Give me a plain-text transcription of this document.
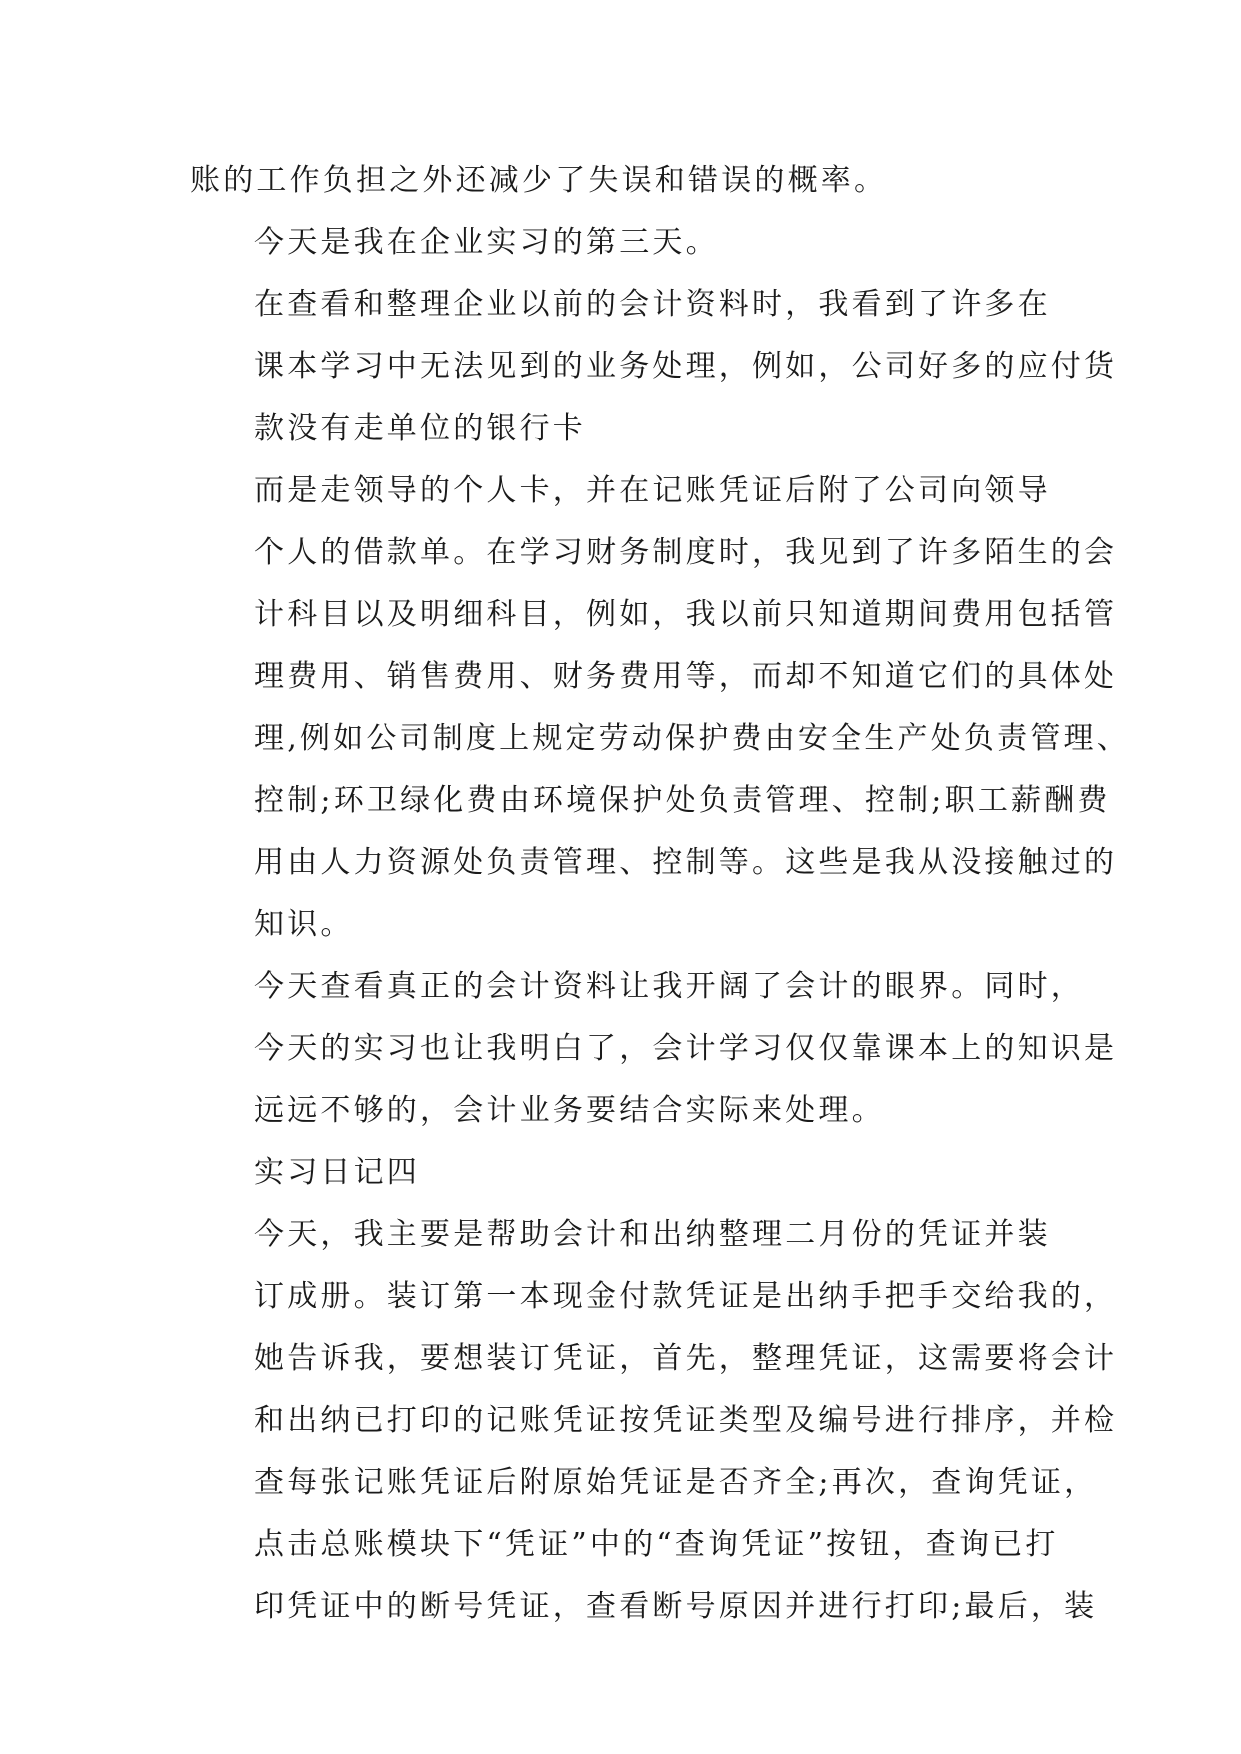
账的工作负担之外还减少了失误和错误的概率。

今天是我在企业实习的第三天。

在查看和整理企业以前的会计资料时，我看到了许多在
课本学习中无法见到的业务处理，例如，公司好多的应付货
款没有走单位的银行卡

而是走领导的个人卡，并在记账凭证后附了公司向领导
个人的借款单。在学习财务制度时，我见到了许多陌生的会
计科目以及明细科目，例如，我以前只知道期间费用包括管
理费用、销售费用、财务费用等，而却不知道它们的具体处
理,例如公司制度上规定劳动保护费由安全生产处负责管理、
控制;环卫绿化费由环境保护处负责管理、控制;职工薪酬费
用由人力资源处负责管理、控制等。这些是我从没接触过的
知识。

今天查看真正的会计资料让我开阔了会计的眼界。同时，
今天的实习也让我明白了，会计学习仅仅靠课本上的知识是
远远不够的，会计业务要结合实际来处理。

实习日记四

今天，我主要是帮助会计和出纳整理二月份的凭证并装
订成册。装订第一本现金付款凭证是出纳手把手交给我的，
她告诉我，要想装订凭证，首先，整理凭证，这需要将会计
和出纳已打印的记账凭证按凭证类型及编号进行排序，并检
查每张记账凭证后附原始凭证是否齐全;再次，查询凭证，
点击总账模块下“凭证”中的“查询凭证”按钮，查询已打
印凭证中的断号凭证，查看断号原因并进行打印;最后，装
